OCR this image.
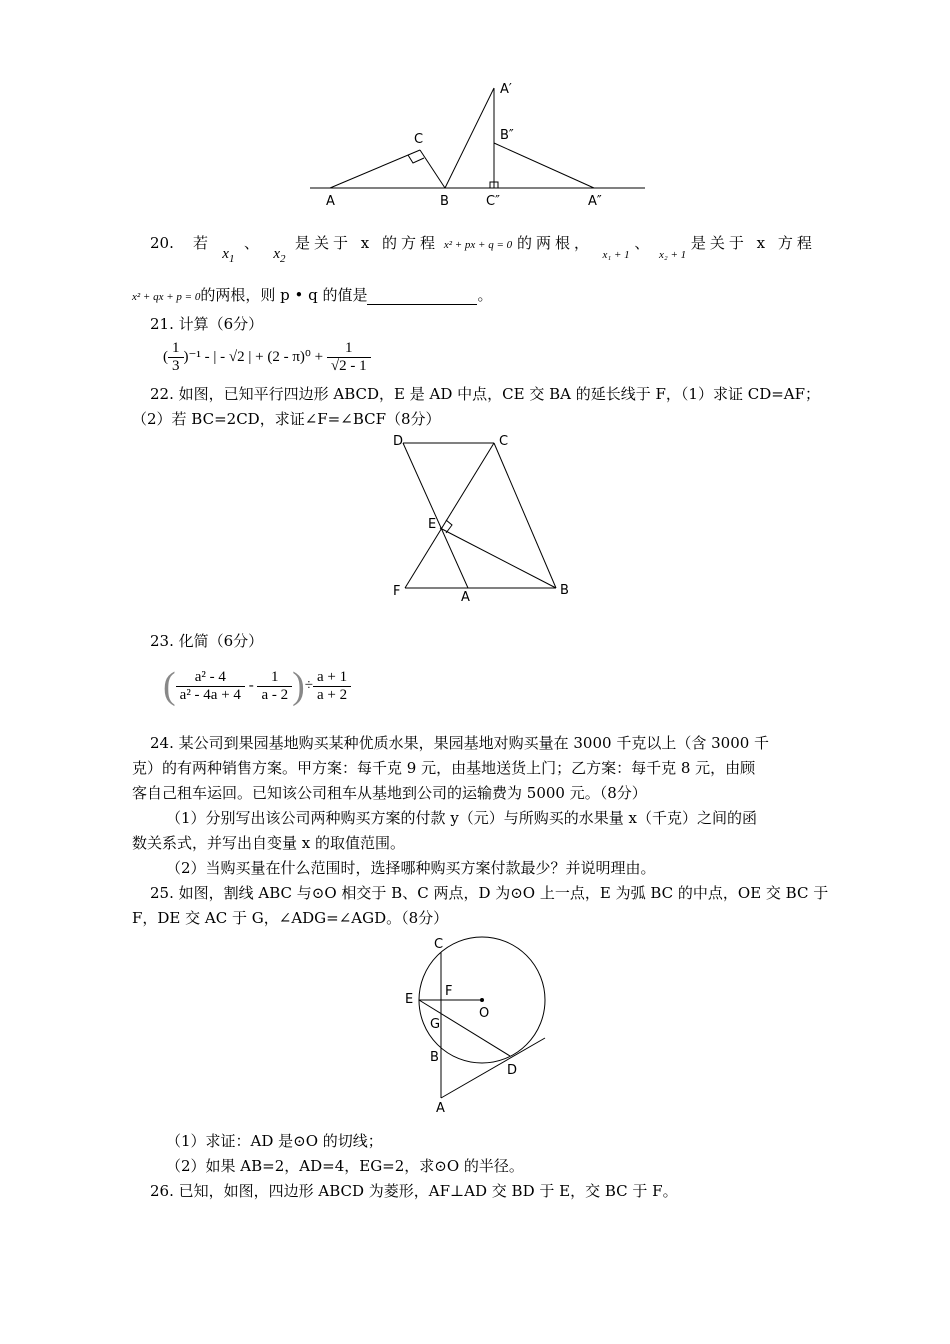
A′
B″
C
A	B	C″	A″
20. 若   $x_1$  、   $x_2$  是关于 x 的方程 x² + px + q = 0 的两根，  $_{x_1 + 1}$ 、  $_{x_2 + 1}$ 是关于 x 方程
x² + qx + p = 0的两根，则 p • q 的值是	。
21. 计算（6分）
( $\frac{1}{3} )^{-1}$ - | - √2 | + $(2 - \pi)^0 + \frac{1}{√2 - 1}$
22. 如图，已知平行四边形 ABCD，E 是 AD 中点，CE 交 BA 的延长线于 F，（1）求证 CD=AF；
（2）若 BC=2CD，求证∠F=∠BCF（8分）
D	C
E
F	A	B
23. 化简（6分）
( $\frac{\text{a² - 4}}{\text{a² - 4a + 4}} - \frac{1}{a - 2}$ )÷ $\frac{a + 1}{a + 2}$
24. 某公司到果园基地购买某种优质水果，果园基地对购买量在 3000 千克以上（含 3000 千
克）的有两种销售方案。甲方案：每千克 9 元，由基地送货上门；乙方案：每千克 8 元，由顾
客自己租车运回。已知该公司租车从基地到公司的运输费为 5000 元。（8分）
（1）分别写出该公司两种购买方案的付款 y（元）与所购买的水果量 x（千克）之间的函
数关系式，并写出自变量 x 的取值范围。
（2）当购买量在什么范围时，选择哪种购买方案付款最少？并说明理由。
25. 如图，割线 ABC 与⊙O 相交于 B、C 两点，D 为⊙O 上一点，E 为弧 BC 的中点，OE 交 BC 于
F，DE 交 AC 于 G，∠ADG=∠AGD。（8分）
C
E
F
O
G
B
D
A
（1）求证：AD 是⊙O 的切线；
（2）如果 AB=2，AD=4，EG=2，求⊙O 的半径。
26. 已知，如图，四边形 ABCD 为菱形，AF⊥AD 交 BD 于 E，交 BC 于 F。
